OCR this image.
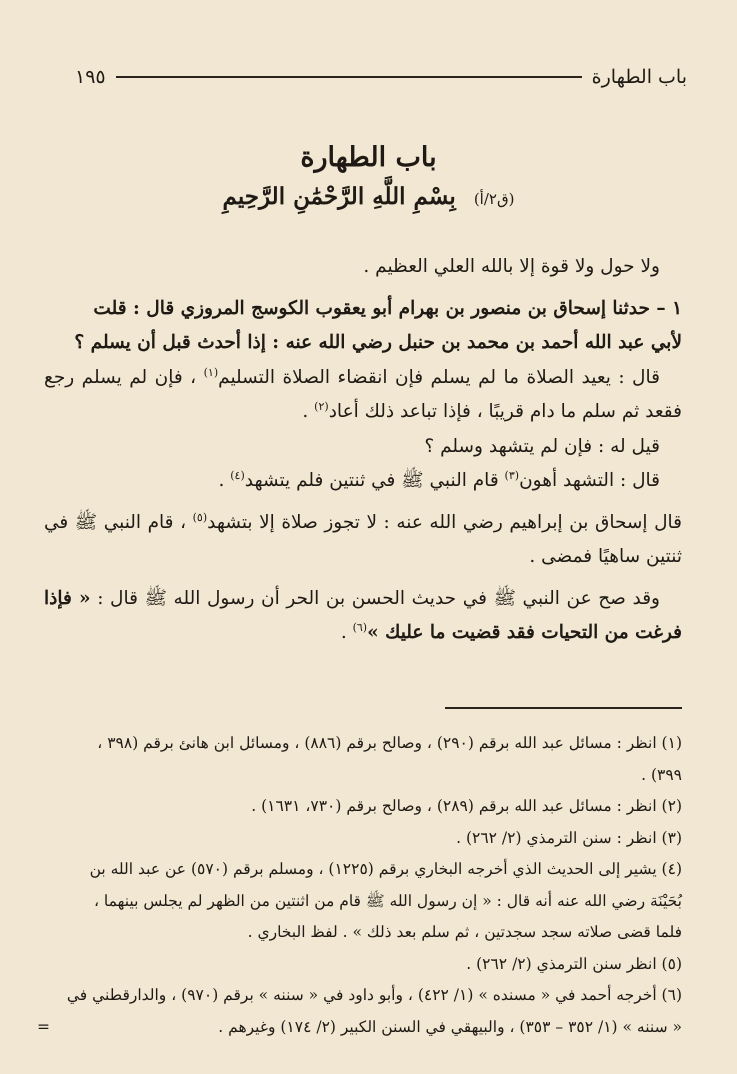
باب الطهارة
١٩٥
باب الطهارة
(ق٢/أ) بِسْمِ اللَّهِ الرَّحْمَٰنِ الرَّحِيمِ

ولا حول ولا قوة إلا بالله العلي العظيم .

١ – حدثنا إسحاق بن منصور بن بهرام أبو يعقوب الكوسج المروزي قال : قلت
لأبي عبد الله أحمد بن محمد بن حنبل رضي الله عنه : إذا أحدث قبل أن يسلم ؟

قال : يعيد الصلاة ما لم يسلم فإن انقضاء الصلاة التسليم$^{(١)}$ ، فإن لم يسلم رجع فقعد ثم سلم ما دام قريبًا ، فإذا تباعد ذلك أعاد$^{(٢)}$ .

قيل له : فإن لم يتشهد وسلم ؟

قال : التشهد أهون$^{(٣)}$ قام النبي ﷺ في ثنتين فلم يتشهد$^{(٤)}$ .

قال إسحاق بن إبراهيم رضي الله عنه : لا تجوز صلاة إلا بتشهد$^{(٥)}$ ، قام النبي ﷺ في ثنتين ساهيًا فمضى .

وقد صح عن النبي ﷺ في حديث الحسن بن الحر أن رسول الله ﷺ قال : « فإذا فرغت من التحيات فقد قضيت ما عليك »$^{(٦)}$ .

(١) انظر : مسائل عبد الله برقم (٢٩٠) ، وصالح برقم (٨٨٦) ، ومسائل ابن هانئ برقم (٣٩٨ ،
٣٩٩) .

(٢) انظر : مسائل عبد الله برقم (٢٨٩) ، وصالح برقم (٧٣٠، ١٦٣١) .

(٣) انظر : سنن الترمذي (٢/ ٢٦٢) .

(٤) يشير إلى الحديث الذي أخرجه البخاري برقم (١٢٢٥) ، ومسلم برقم (٥٧٠) عن عبد الله بن
بُحَيْنَة رضي الله عنه أنه قال : « إن رسول الله ﷺ قام من اثنتين من الظهر لم يجلس بينهما ،
فلما قضى صلاته سجد سجدتين ، ثم سلم بعد ذلك » . لفظ البخاري .

(٥) انظر سنن الترمذي (٢/ ٢٦٢) .

(٦) أخرجه أحمد في « مسنده » (١/ ٤٢٢) ، وأبو داود في « سننه » برقم (٩٧٠) ، والدارقطني في
« سننه » (١/ ٣٥٢ – ٣٥٣) ، والبيهقي في السنن الكبير (٢/ ١٧٤) وغيرهم .
=
